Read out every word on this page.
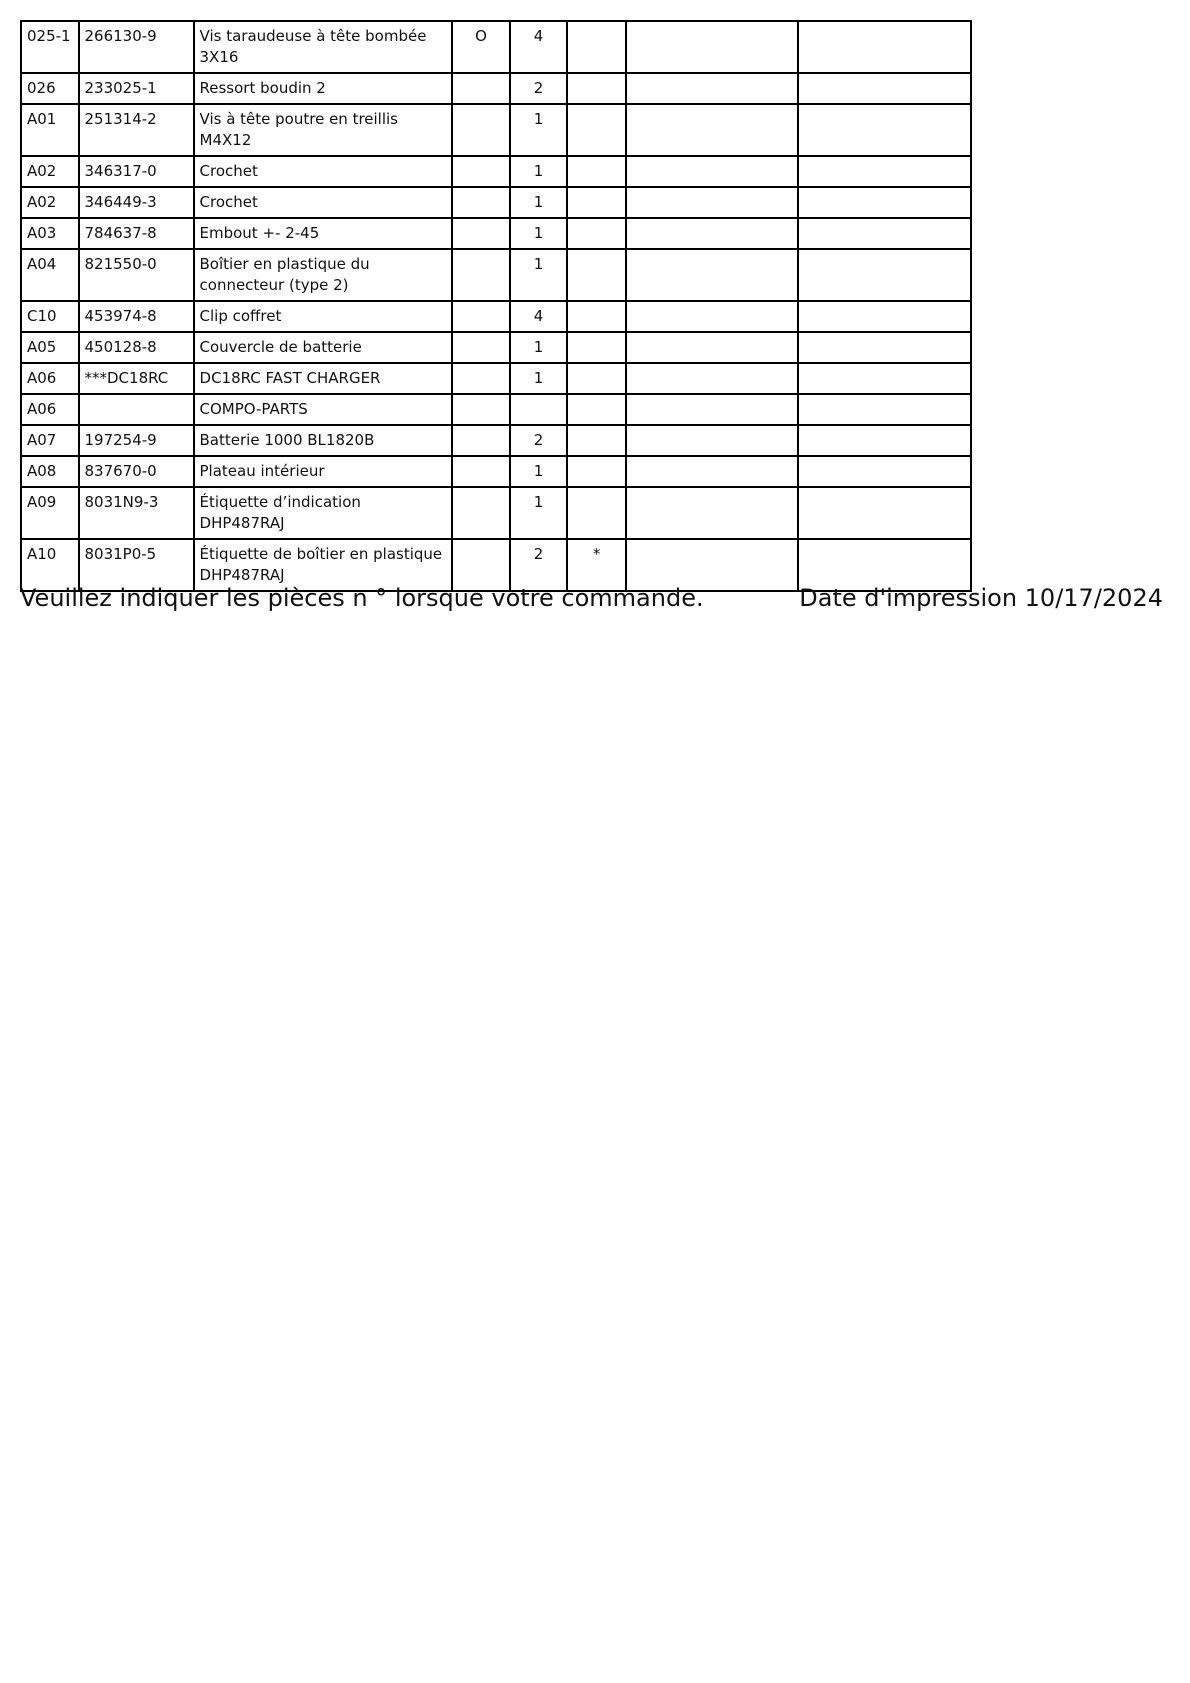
025-1	266130-9	Vis taraudeuse à tête bombée 3X16	O	4			
026	233025-1	Ressort boudin 2		2			
A01	251314-2	Vis à tête poutre en treillis M4X12		1			
A02	346317-0	Crochet		1			
A02	346449-3	Crochet		1			
A03	784637-8	Embout +- 2-45		1			
A04	821550-0	Boîtier en plastique du connecteur (type 2)		1			
C10	453974-8	Clip coffret		4			
A05	450128-8	Couvercle de batterie		1			
A06	***DC18RC	DC18RC FAST CHARGER		1			
A06		COMPO-PARTS					
A07	197254-9	Batterie 1000 BL1820B		2			
A08	837670-0	Plateau intérieur		1			
A09	8031N9-3	Étiquette d’indication DHP487RAJ		1			
A10	8031P0-5	Étiquette de boîtier en plastique DHP487RAJ		2	*		
Veuillez indiquer les pièces n ° lorsque votre commande.	Date d'impression 10/17/2024
